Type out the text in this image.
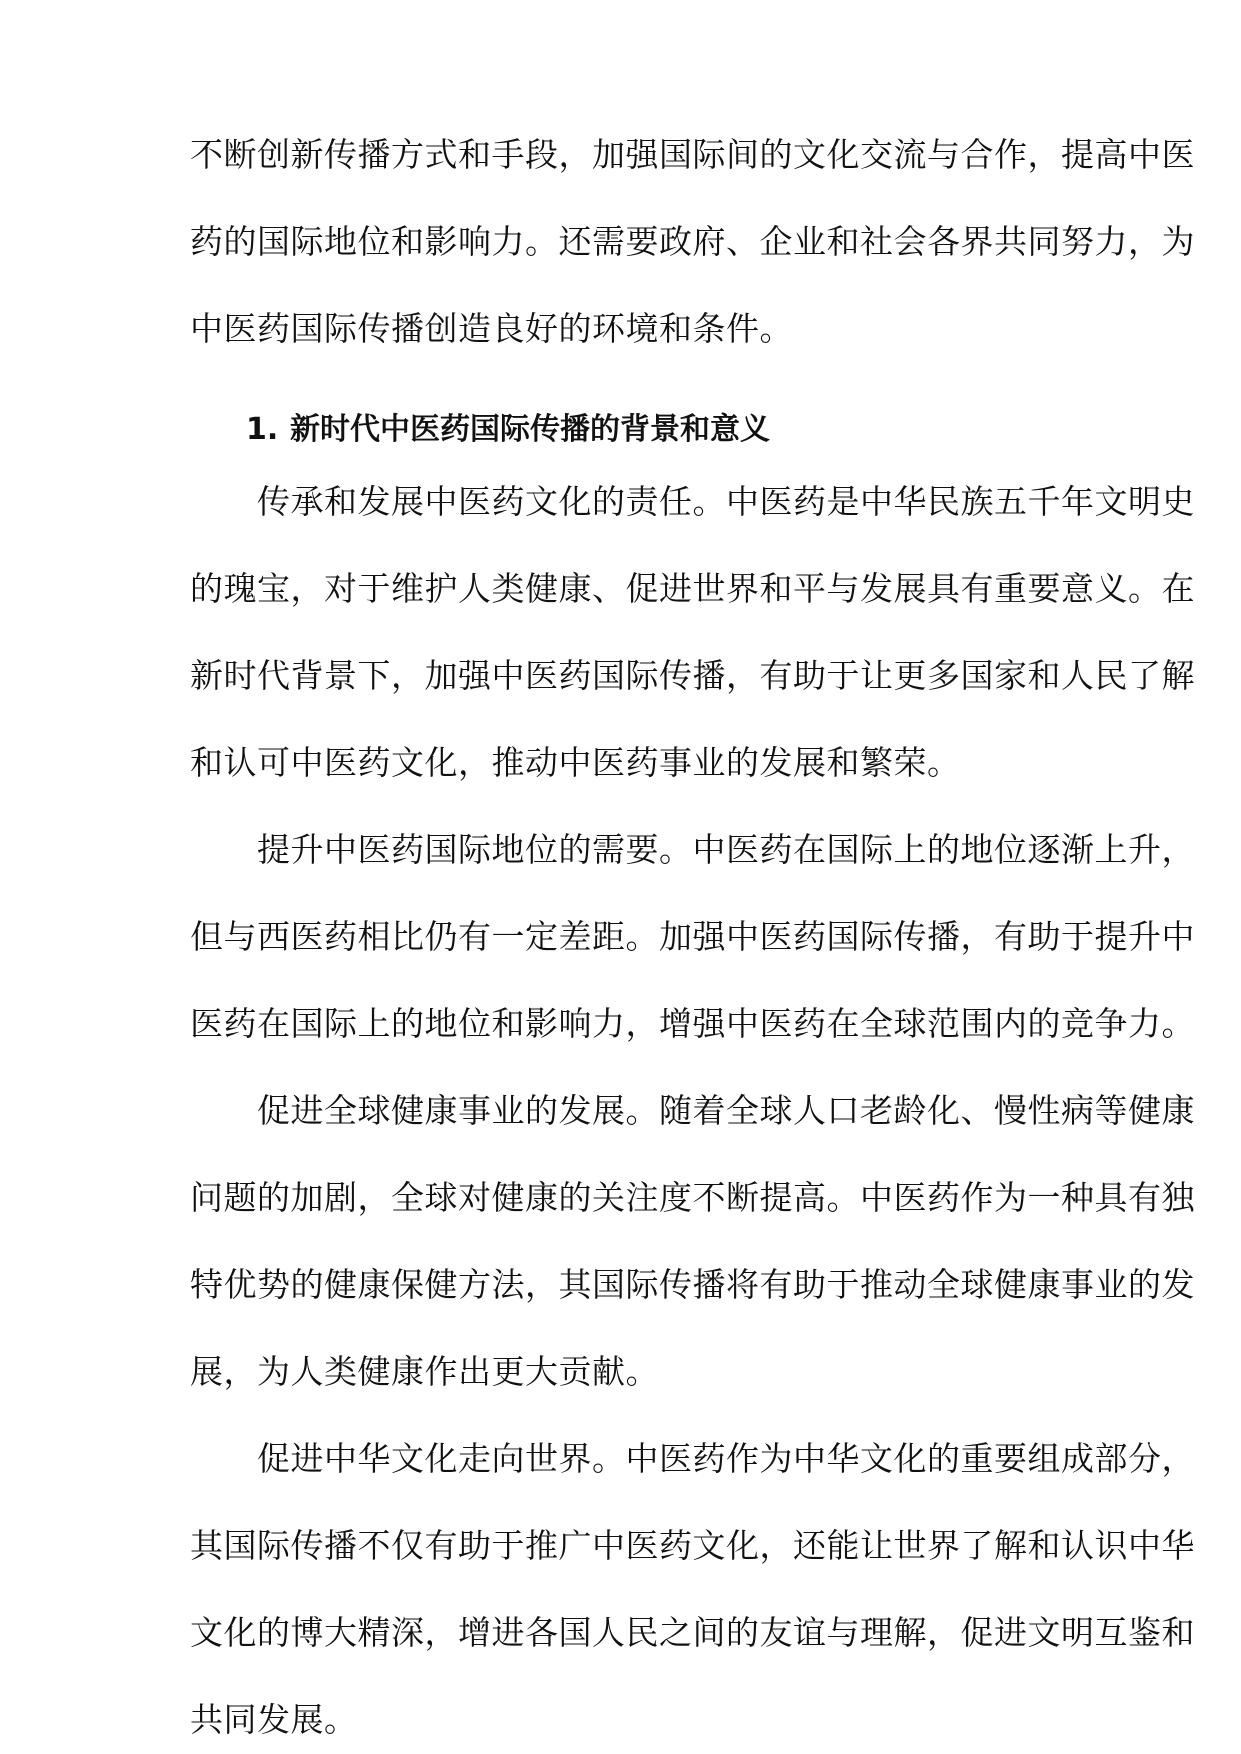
不断创新传播方式和手段，加强国际间的文化交流与合作，提高中医
药的国际地位和影响力。还需要政府、企业和社会各界共同努力，为
中医药国际传播创造良好的环境和条件。
1. 新时代中医药国际传播的背景和意义
　　传承和发展中医药文化的责任。中医药是中华民族五千年文明史
的瑰宝，对于维护人类健康、促进世界和平与发展具有重要意义。在
新时代背景下，加强中医药国际传播，有助于让更多国家和人民了解
和认可中医药文化，推动中医药事业的发展和繁荣。
　　提升中医药国际地位的需要。中医药在国际上的地位逐渐上升，
但与西医药相比仍有一定差距。加强中医药国际传播，有助于提升中
医药在国际上的地位和影响力，增强中医药在全球范围内的竞争力。
　　促进全球健康事业的发展。随着全球人口老龄化、慢性病等健康
问题的加剧，全球对健康的关注度不断提高。中医药作为一种具有独
特优势的健康保健方法，其国际传播将有助于推动全球健康事业的发
展，为人类健康作出更大贡献。
　　促进中华文化走向世界。中医药作为中华文化的重要组成部分，
其国际传播不仅有助于推广中医药文化，还能让世界了解和认识中华
文化的博大精深，增进各国人民之间的友谊与理解，促进文明互鉴和
共同发展。
